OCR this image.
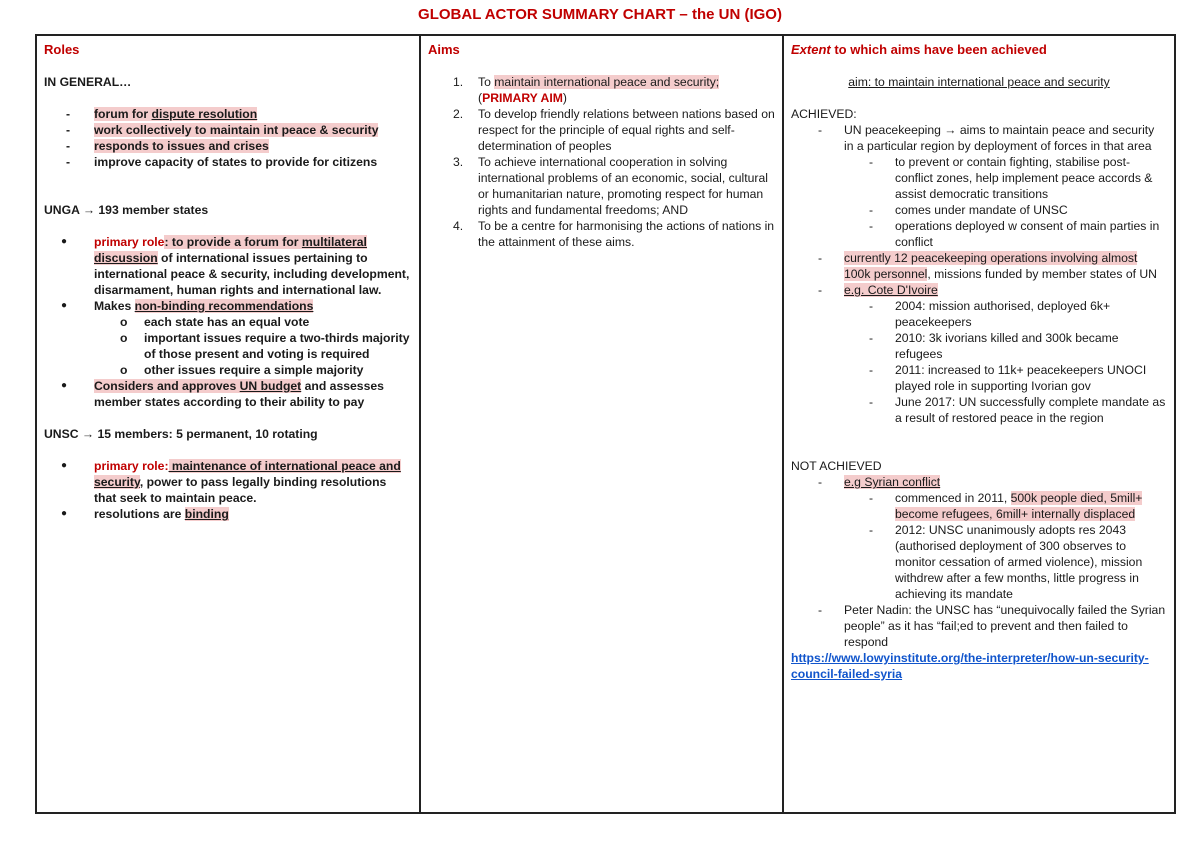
GLOBAL ACTOR SUMMARY CHART – the UN (IGO)
Roles
IN GENERAL…
- forum for dispute resolution
- work collectively to maintain int peace & security
- responds to issues and crises
- improve capacity of states to provide for citizens
UNGA → 193 member states
● primary role: to provide a forum for multilateral discussion of international issues pertaining to international peace & security, including development, disarmament, human rights and international law.
● Makes non-binding recommendations
o each state has an equal vote
o important issues require a two-thirds majority of those present and voting is required
o other issues require a simple majority
● Considers and approves UN budget and assesses member states according to their ability to pay
UNSC → 15 members: 5 permanent, 10 rotating
● primary role: maintenance of international peace and security, power to pass legally binding resolutions that seek to maintain peace.
● resolutions are binding
Aims
1. To maintain international peace and security;
(PRIMARY AIM)
2. To develop friendly relations between nations based on respect for the principle of equal rights and self-determination of peoples
3. To achieve international cooperation in solving international problems of an economic, social, cultural or humanitarian nature, promoting respect for human rights and fundamental freedoms; AND
4. To be a centre for harmonising the actions of nations in the attainment of these aims.
Extent to which aims have been achieved
aim: to maintain international peace and security
ACHIEVED:
- UN peacekeeping → aims to maintain peace and security in a particular region by deployment of forces in that area
- to prevent or contain fighting, stabilise post-conflict zones, help implement peace accords & assist democratic transitions
- comes under mandate of UNSC
- operations deployed w consent of main parties in conflict
- currently 12 peacekeeping operations involving almost 100k personnel, missions funded by member states of UN
- e.g. Cote D'Ivoire
- 2004: mission authorised, deployed 6k+ peacekeepers
- 2010: 3k ivorians killed and 300k became refugees
- 2011: increased to 11k+ peacekeepers UNOCI played role in supporting Ivorian gov
- June 2017: UN successfully complete mandate as a result of restored peace in the region
NOT ACHIEVED
- e.g Syrian conflict
- commenced in 2011, 500k people died, 5mill+ become refugees, 6mill+ internally displaced
- 2012: UNSC unanimously adopts res 2043 (authorised deployment of 300 observes to monitor cessation of armed violence), mission withdrew after a few months, little progress in achieving its mandate
- Peter Nadin: the UNSC has “unequivocally failed the Syrian people” as it has “fail;ed to prevent and then failed to respond
https://www.lowyinstitute.org/the-interpreter/how-un-security-council-failed-syria
